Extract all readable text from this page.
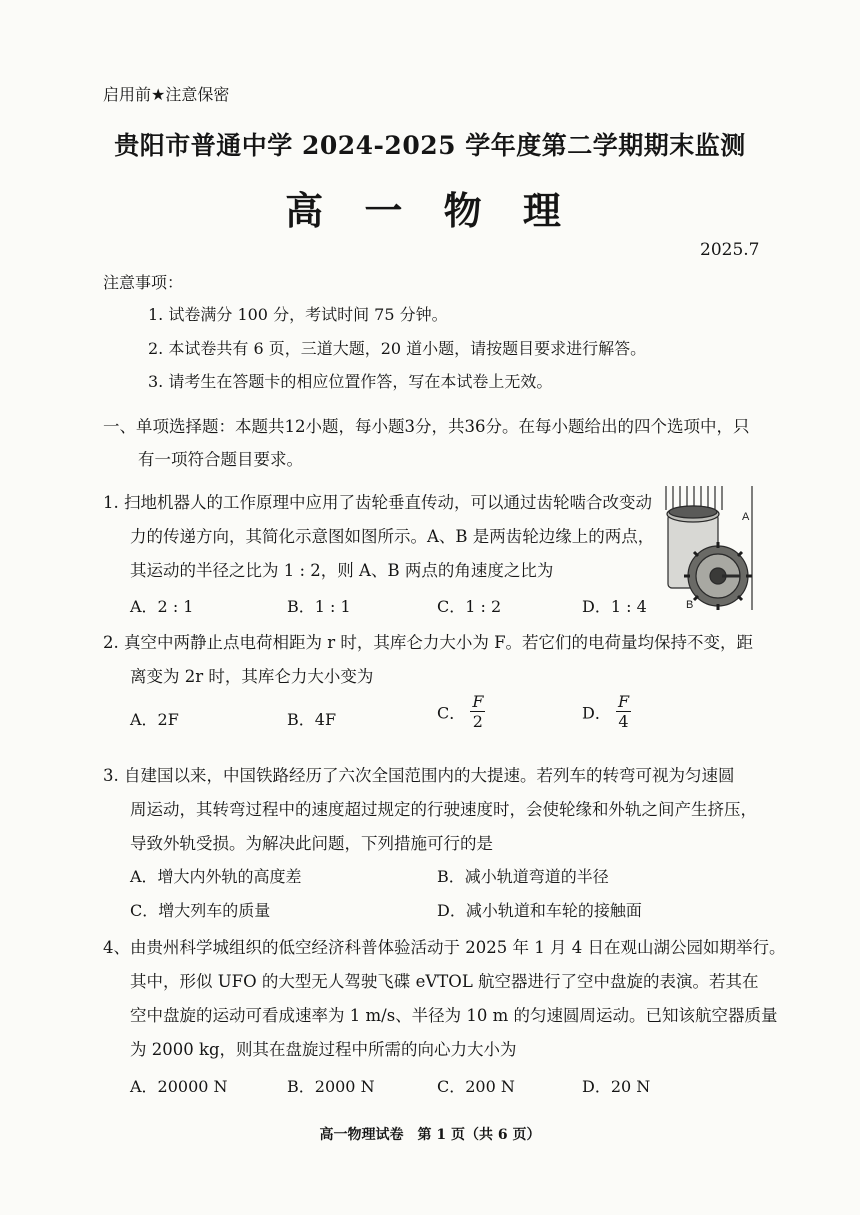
启用前★注意保密
贵阳市普通中学 2024-2025 学年度第二学期期末监测
高 一 物 理
2025.7
注意事项：
1. 试卷满分 100 分，考试时间 75 分钟。
2. 本试卷共有 6 页，三道大题，20 道小题，请按题目要求进行解答。
3. 请考生在答题卡的相应位置作答，写在本试卷上无效。
一、单项选择题：本题共12小题，每小题3分，共36分。在每小题给出的四个选项中，只
有一项符合题目要求。
1. 扫地机器人的工作原理中应用了齿轮垂直传动，可以通过齿轮啮合改变动
力的传递方向，其简化示意图如图所示。A、B 是两齿轮边缘上的两点，
其运动的半径之比为 1 : 2，则 A、B 两点的角速度之比为
A．2 : 1	B．1 : 1	C．1 : 2	D．1 : 4
A
B
2. 真空中两静止点电荷相距为 r 时，其库仑力大小为 F。若它们的电荷量均保持不变，距
离变为 2r 时，其库仑力大小变为
A．2F	B．4F	C． $\frac{F}{2}$	D． $\frac{F}{4}$
3. 自建国以来，中国铁路经历了六次全国范围内的大提速。若列车的转弯可视为匀速圆
周运动，其转弯过程中的速度超过规定的行驶速度时，会使轮缘和外轨之间产生挤压，
导致外轨受损。为解决此问题，下列措施可行的是
A．增大内外轨的高度差	B．减小轨道弯道的半径
C．增大列车的质量	D．减小轨道和车轮的接触面
4、由贵州科学城组织的低空经济科普体验活动于 2025 年 1 月 4 日在观山湖公园如期举行。
其中，形似 UFO 的大型无人驾驶飞碟 eVTOL 航空器进行了空中盘旋的表演。若其在
空中盘旋的运动可看成速率为 1 m/s、半径为 10 m 的匀速圆周运动。已知该航空器质量
为 2000 kg，则其在盘旋过程中所需的向心力大小为
A．20000 N	B．2000 N	C．200 N	D．20 N
高一物理试卷　第 1 页（共 6 页）
